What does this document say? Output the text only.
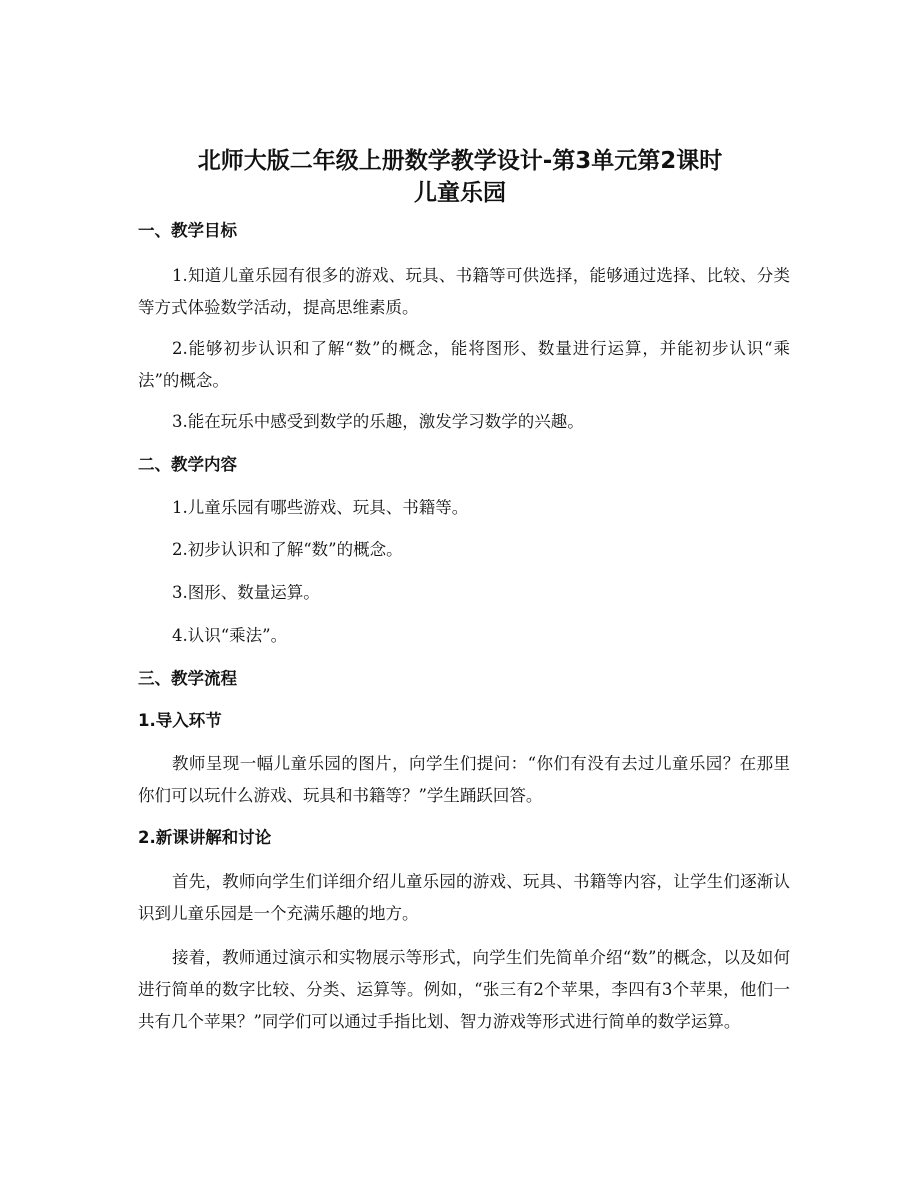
北师大版二年级上册数学教学设计-第3单元第2课时
儿童乐园
一、教学目标

1.知道儿童乐园有很多的游戏、玩具、书籍等可供选择，能够通过选择、比较、分类等方式体验数学活动，提高思维素质。

2.能够初步认识和了解“数”的概念，能将图形、数量进行运算，并能初步认识“乘法”的概念。

3.能在玩乐中感受到数学的乐趣，激发学习数学的兴趣。

二、教学内容

1.儿童乐园有哪些游戏、玩具、书籍等。

2.初步认识和了解“数”的概念。

3.图形、数量运算。

4.认识“乘法”。

三、教学流程
1.导入环节

教师呈现一幅儿童乐园的图片，向学生们提问：“你们有没有去过儿童乐园？在那里你们可以玩什么游戏、玩具和书籍等？”学生踊跃回答。

2.新课讲解和讨论

首先，教师向学生们详细介绍儿童乐园的游戏、玩具、书籍等内容，让学生们逐渐认识到儿童乐园是一个充满乐趣的地方。

接着，教师通过演示和实物展示等形式，向学生们先简单介绍“数”的概念，以及如何进行简单的数字比较、分类、运算等。例如，“张三有2个苹果，李四有3个苹果，他们一共有几个苹果？”同学们可以通过手指比划、智力游戏等形式进行简单的数学运算。
